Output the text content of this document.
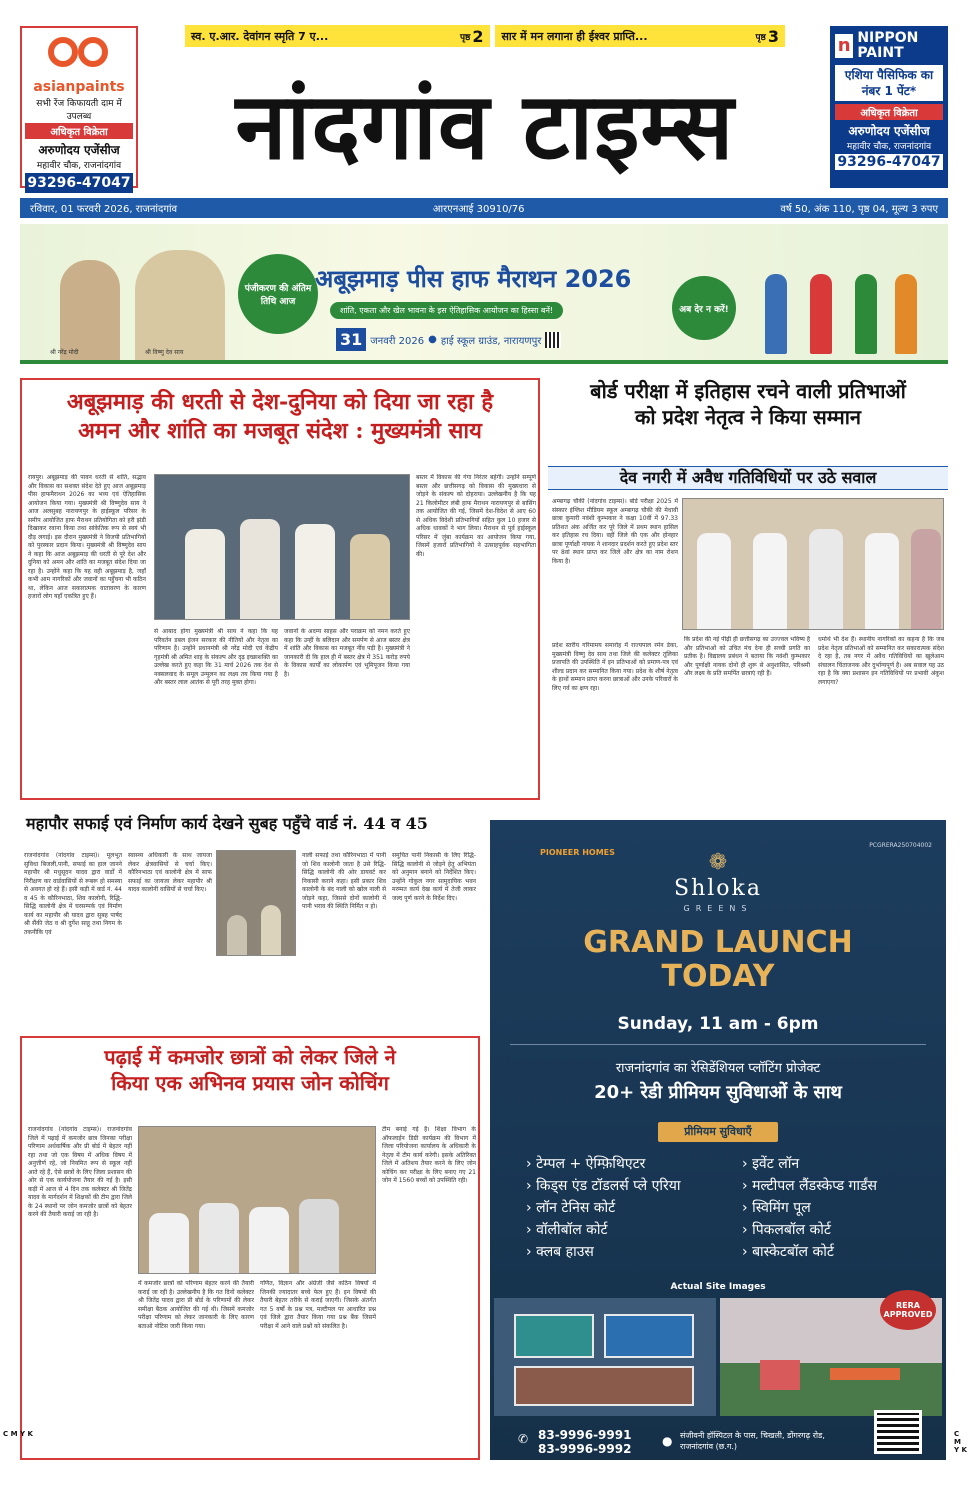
स्व. ए.आर. देवांगन स्मृति 7 ए...	पृष्ठ 2 सार में मन लगाना ही ईश्वर प्राप्ति...	पृष्ठ 3
asianpaints
सभी रेंज किफायती दाम में उपलब्ध
अधिकृत विक्रेता
अरुणोदय एजेंसीज
महावीर चौक, राजनांदगांव
93296-47047
n NIPPON PAINT
एशिया पैसिफिक का नंबर 1 पेंट*
अधिकृत विक्रेता
अरुणोदय एजेंसीज
महावीर चौक, राजनांदगांव
93296-47047
नांदगांव टाइम्स
रविवार, 01 फरवरी 2026, राजनांदगांव	आरएनआई 30910/76	वर्ष 50, अंक 110, पृष्ठ 04, मूल्य 3 रुपए
श्री नरेंद्र मोदी	श्री विष्णु देव साय
पंजीकरण की अंतिम तिथि आज
अबूझमाड़ पीस हाफ मैराथन 2026
शांति, एकता और खेल भावना के इस ऐतिहासिक आयोजन का हिस्सा बनें!
31 जनवरी 2026 ● हाई स्कूल ग्राउंड, नारायणपुर
अब देर न करें!
अबूझमाड़ की धरती से देश-दुनिया को दिया जा रहा है
अमन और शांति का मजबूत संदेश : मुख्यमंत्री साय
रायपुर। अबूझमाड़ की पावन धरती से शांति, सद्भाव और विकास का सशक्त संदेश देते हुए आज अबूझमाड़ पीस हाफमैराथन 2026 का भव्य एवं ऐतिहासिक आयोजन किया गया। मुख्यमंत्री श्री विष्णुदेव साय ने आज अलसुबह नारायणपुर के हाईस्कूल परिसर के समीप आयोजित हाफ मैराथन प्रतियोगिता को हरी झंडी दिखाकर रवाना किया तथा सांकेतिक रूप से स्वयं भी दौड़ लगाई। इस दौरान मुख्यमंत्री ने विजयी प्रतिभागियों को पुरस्कार प्रदान किया। मुख्यमंत्री श्री विष्णुदेव साय ने कहा कि आज अबूझमाड़ की धरती से पूरे देश और दुनिया को अमन और शांति का मजबूत संदेश दिया जा रहा है। उन्होंने कहा कि यह वही अबूझमाड़ है, जहाँ कभी आम नागरिकों और जवानों का पहुँचना भी कठिन था, लेकिन आज सकारात्मक वातावरण के कारण हजारों लोग यहाँ एकत्रित हुए हैं।
बस्तर में विकास की गंगा निरंतर बहेगी। उन्होंने सम्पूर्ण बस्तर और छत्तीसगढ़ को विकास की मुख्यधारा से जोड़ने के संकल्प को दोहराया। उल्लेखनीय है कि यह 21 किलोमीटर लंबी हाफ मैराथन नारायणपुर से बासिंग तक आयोजित की गई, जिसमें देश-विदेश से आए 60 से अधिक विदेशी प्रतिभागियों सहित कुल 10 हजार से अधिक धावकों ने भाग लिया। मैराथन से पूर्व हाईस्कूल परिसर में जुंबा कार्यक्रम का आयोजन किया गया, जिसमें हजारों प्रतिभागियों ने उत्साहपूर्वक सहभागिता की।
से आबाद होगा मुख्यमंत्री श्री साय ने कहा कि यह परिवर्तन डबल इंजन सरकार की नीतियों और नेतृत्व का परिणाम है। उन्होंने प्रधानमंत्री श्री नरेंद्र मोदी एवं केंद्रीय गृहमंत्री श्री अमित शाह के संकल्प और दृढ़ इच्छाशक्ति का उल्लेख करते हुए कहा कि 31 मार्च 2026 तक देश से नक्सलवाद के समूल उन्मूलन का लक्ष्य तय किया गया है और बस्तर लाल आतंक से पूरी तरह मुक्त होगा।
जवानों के अदम्य साहस और पराक्रम को नमन करते हुए कहा कि उन्हीं के बलिदान और समर्पण से आज बस्तर क्षेत्र में शांति और विकास का मजबूत नींव पड़ी है। मुख्यमंत्री ने जानकारी दी कि हाल ही में बस्तर क्षेत्र में 351 करोड़ रुपये के विकास कार्यों का लोकार्पण एवं भूमिपूजन किया गया है।
बोर्ड परीक्षा में इतिहास रचने वाली प्रतिभाओं
को प्रदेश नेतृत्व ने किया सम्मान
देव नगरी में अवैध गतिविधियों पर उठे सवाल
अम्बागढ़ चौकी (नांदगांव टाइम्स)। बोर्ड परीक्षा 2025 में संस्कार इंग्लिश मीडियम स्कूल अम्बागढ़ चौकी की मेधावी छात्रा कुमारी नवंशी कुम्भकार ने कक्षा 10वीं में 97.33 प्रतिशत अंक अर्जित कर पूरे जिले में प्रथम स्थान हासिल कर इतिहास रच दिया। वहीं जिले की एक और होनहार छात्रा पूर्णाक्षी नायक ने शानदार प्रदर्शन करते हुए प्रदेश स्तर पर 8वां स्थान प्राप्त कर जिले और क्षेत्र का नाम रोशन किया है।
प्रदेश स्तरीय गरिमामय समारोह में राज्यपाल रमेन डेका, मुख्यमंत्री विष्णु देव साय तथा जिले की कलेक्टर तूलिका प्रजापति की उपस्थिति में इन प्रतिभाओं को प्रमाण-पत्र एवं शील्ड प्रदान कर सम्मानित किया गया। प्रदेश के शीर्ष नेतृत्व के हाथों सम्मान प्राप्त करना छात्राओं और उनके परिवारों के लिए गर्व का क्षण रहा।
कि प्रदेश की नई पीढ़ी ही छत्तीसगढ़ का उज्ज्वल भविष्य है और प्रतिभाओं को उचित मंच देना ही सच्ची प्रगति का प्रतीक है। विद्यालय प्रबंधन ने बताया कि नवंशी कुम्भकार और पूर्णाक्षी नायक दोनों ही शुरू से अनुशासित, परिश्रमी और लक्ष्य के प्रति समर्पित छात्राएं रही हैं।
धर्मार्थ भी देश हैं। स्थानीय नागरिकों का कहना है कि जब प्रदेश नेतृत्व प्रतिभाओं को सम्मानित कर सकारात्मक संदेश दे रहा है, तब नगर में अवैध गतिविधियों का खुलेआम संचालन चिंताजनक और दुर्भाग्यपूर्ण है। अब सवाल यह उठ रहा है कि क्या प्रशासन इन गतिविधियों पर प्रभावी अंकुश लगाएगा?
महापौर सफाई एवं निर्माण कार्य देखने सुबह पहुँचे वार्ड नं. 44 व 45
राजनांदगांव (नांदगांव टाइम्स)। मूलभूत सुविधा बिजली,पानी, सफाई का हाल जानने महापौर श्री मधुसूदन यादव द्वारा वार्डों में निरीक्षण कर वार्डवासियों से रूबरू हो समस्या से अवगत हो रहे हैं। इसी कड़ी में वार्ड नं. 44 व 45 के कौरिनभाठा, शिव कालोनी, रिद्धि-सिद्धि कालोनी क्षेत्र में घरसम्पर्क एवं निर्माण कार्य का महापौर श्री यादव द्वारा सुबह पार्षद श्री सैंकी जेठ व श्री दुर्गेश साहू तथा निगम के तकनीकि एवं
स्वास्थ्य अधिकारी के साथ जायजा लेकर क्षेत्रवासियों से चर्चा किए। कौरिनभाठा एवं कालोनी क्षेत्र में साफ सफाई का जायजा लेकर महापौर श्री यादव कालोनी वासियों से चर्चा किए।
नाली सफाई तथा कौरिनभाठा में पानी जो शिव कालोनी जाता है उसे रिद्धि-सिद्धि कालोनी की ओर डायवर्ट कर निकासी कराने कहा। इसी प्रकार शिव कालोनी के बंद नाली को खोल नाली से जोड़ने कहा, जिससे दोनों कालोनी में पानी भराव की स्थिति निर्मित न हो।
समुचित पानी निकासी के लिए रिद्धि-सिद्धि कालोनी से जोड़ने हेतु अभियंता को अनुमान बनाने को निर्देशित किए। उन्होंने गोकुल नगर सामुदायिक भवन मरम्मत कार्य देख कार्य में तेजी लाकर जल्द पूर्ण करने के निर्देश दिए।
पढ़ाई में कमजोर छात्रों को लेकर जिले ने
किया एक अभिनव प्रयास जोन कोचिंग
राजनांदगांव (नांदगांव टाइम्स)। राजनांदगांव जिले में पढ़ाई में कमजोर छात्र जिनका परीक्षा परिणाम अर्धवार्षिक और प्री बोर्ड में बेहतर नहीं रहा तथा जो एक विषय में अधिक विषय में अनुत्तीर्ण रहे, जो नियमित रूप से स्कूल नहीं आते रहे हैं, ऐसे छात्रों के लिए जिला प्रशासन की ओर से एक कार्ययोजना तैयार की गई है। इसी कड़ी में आज से 4 दिन तक कलेक्टर श्री जितेंद्र यादव के मार्गदर्शन में शिक्षकों की टीम द्वारा जिले के 24 स्थानों पर जोन कमजोर छात्रों को बेहतर करने की तैयारी कराई जा रही है।
में कमजोर छात्रों को परिणाम बेहतर करने की तैयारी कराई जा रही है। उल्लेखनीय है कि गत दिनों कलेक्टर श्री जितेंद्र यादव द्वारा प्री बोर्ड के परिणामों की लेकर समीक्षा बैठक आयोजित की गई थी। जिसमें कमजोर परीक्षा परिणाम को लेकर जानकारी के लिए कारण बताओ नोटिस जारी किया गया।
गणित, विज्ञान और अंग्रेजी जैसे कठिन विषयों में जिनकी ज्यादातर बच्चे फेल हुए हैं। इन विषयों की तैयारी बेहतर तरीके से कराई जाएगी। जिसके अंतर्गत गत 5 वर्षों के प्रश्न पत्र, मल्टीपल पर आधारित प्रश्न एवं जिले द्वारा तैयार किया गया प्रश्न बैंक जिसमें परीक्षा में आने वाले प्रश्नों को संकलित है।
टीम बनाई गई है। शिक्षा विभाग के ऑफलाईन डिग्री कार्यक्रम की विभाग में जिला परियोजना कार्यालय के अधिकारी के नेतृत्व में टीम कार्य करेगी। इसके अतिरिक्त जिले में अतिशय तैयार करने के लिए जोन कोचिंग कर परीक्षा के लिए बनाए गए 21 जोन में 1560 बच्चों को उपस्थिति रही।
PIONEER HOMES
PCGRERA250704002
❁
Shloka
GREENS
GRAND LAUNCH
TODAY
Sunday, 11 am - 6pm
राजनांदगांव का रेसिडेंशियल प्लॉटिंग प्रोजेक्ट
20+ रेडी प्रीमियम सुविधाओं के साथ
प्रीमियम सुविधाएँ
› टेम्पल + ऐम्फ़िथिएटर
› किड्स एंड टॉडलर्स प्ले एरिया
› लॉन टेनिस कोर्ट
› वॉलीबॉल कोर्ट
› क्लब हाउस
› इवेंट लॉन
› मल्टीपल लैंडस्केप्ड गार्डंस
› स्विमिंग पूल
› पिकलबॉल कोर्ट
› बास्केटबॉल कोर्ट
Actual Site Images
RERA APPROVED
✆ 83-9996-9991
83-9996-9992
● संजीवनी हॉस्पिटल के पास, चिखली, डोंगरगढ़ रोड, राजनांदगांव (छ.ग.)
C M Y K	C M Y K
